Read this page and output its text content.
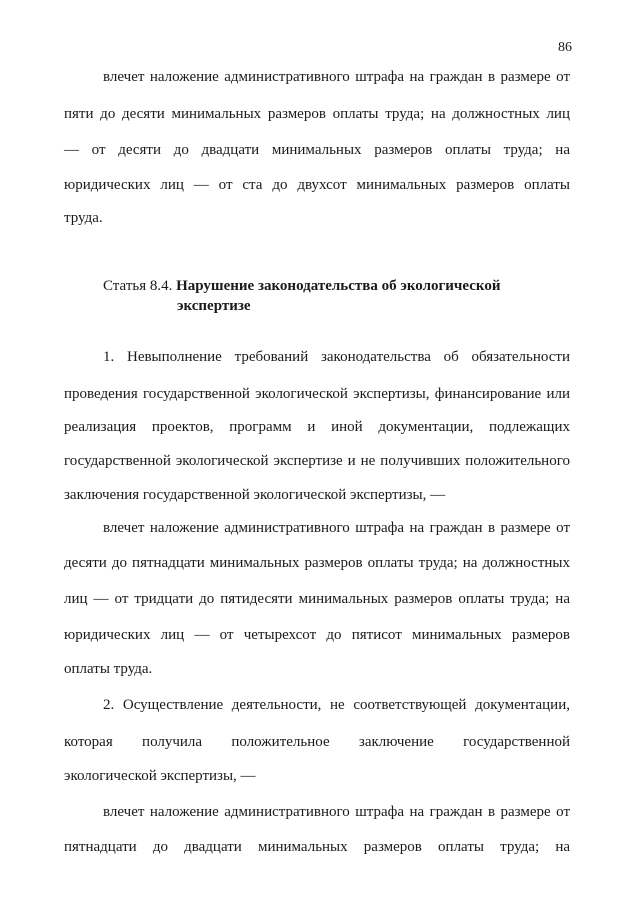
86
влечет наложение административного штрафа на граждан в размере от
пяти до десяти минимальных размеров оплаты труда; на должностных лиц
— от десяти до двадцати минимальных размеров оплаты труда; на
юридических лиц — от ста до двухсот минимальных размеров оплаты
труда.
Статья 8.4. Нарушение законодательства об экологической
экспертизе
1. Невыполнение требований законодательства об обязательности
проведения государственной экологической экспертизы, финансирование или
реализация проектов, программ и иной документации, подлежащих
государственной экологической экспертизе и не получивших положительного
заключения государственной экологической экспертизы, —
влечет наложение административного штрафа на граждан в размере от
десяти до пятнадцати минимальных размеров оплаты труда; на должностных
лиц — от тридцати до пятидесяти минимальных размеров оплаты труда; на
юридических лиц — от четырехсот до пятисот минимальных размеров
оплаты труда.
2. Осуществление деятельности, не соответствующей документации,
которая получила положительное заключение государственной
экологической экспертизы, —
влечет наложение административного штрафа на граждан в размере от
пятнадцати до двадцати минимальных размеров оплаты труда; на
